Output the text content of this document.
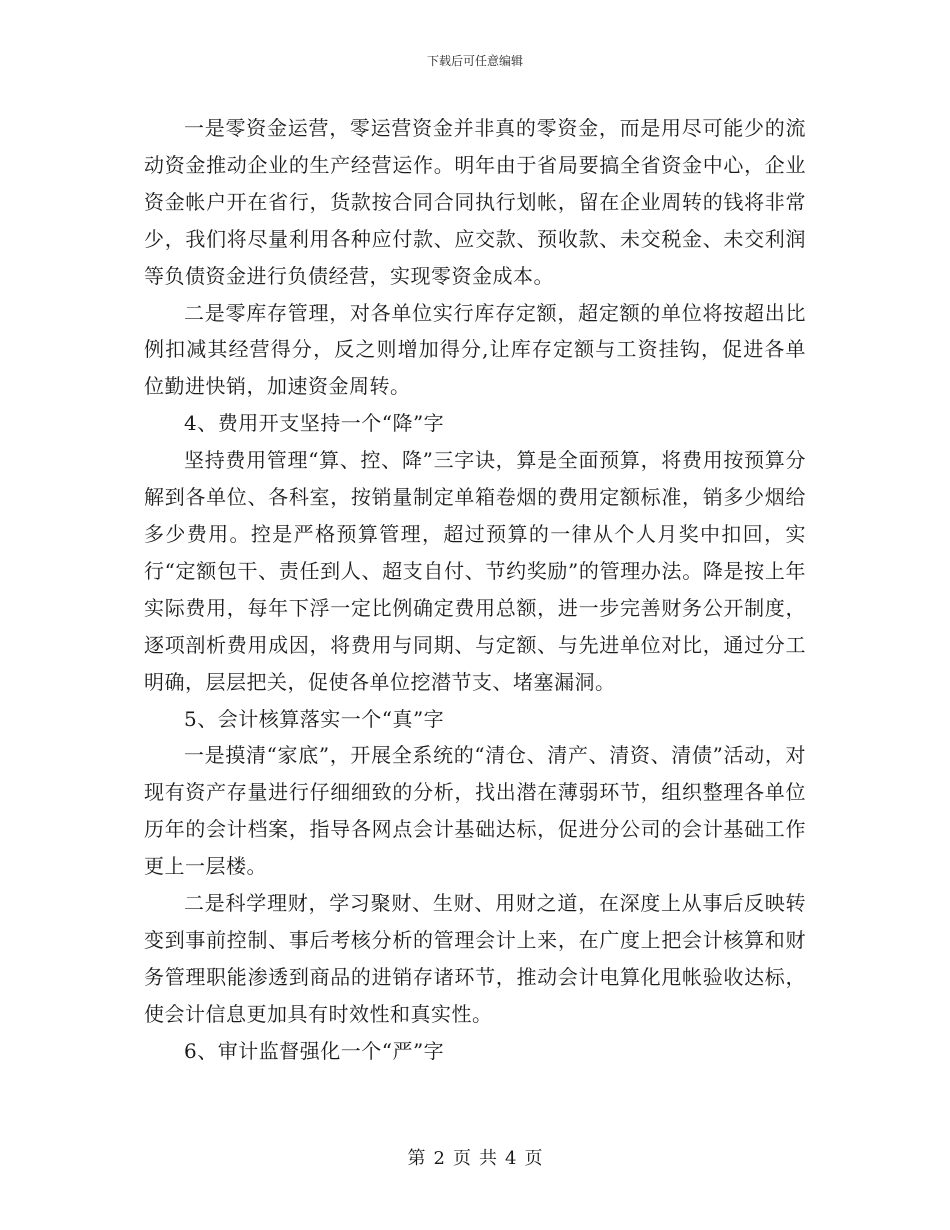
下载后可任意编辑

一是零资金运营，零运营资金并非真的零资金，而是用尽可能少的流动资金推动企业的生产经营运作。明年由于省局要搞全省资金中心，企业资金帐户开在省行，货款按合同合同执行划帐，留在企业周转的钱将非常少，我们将尽量利用各种应付款、应交款、预收款、未交税金、未交利润等负债资金进行负债经营，实现零资金成本。

二是零库存管理，对各单位实行库存定额，超定额的单位将按超出比例扣减其经营得分，反之则增加得分,让库存定额与工资挂钩，促进各单位勤进快销，加速资金周转。

4、费用开支坚持一个“降”字

坚持费用管理“算、控、降”三字诀，算是全面预算，将费用按预算分解到各单位、各科室，按销量制定单箱卷烟的费用定额标准，销多少烟给多少费用。控是严格预算管理，超过预算的一律从个人月奖中扣回，实行“定额包干、责任到人、超支自付、节约奖励”的管理办法。降是按上年实际费用，每年下浮一定比例确定费用总额，进一步完善财务公开制度，逐项剖析费用成因，将费用与同期、与定额、与先进单位对比，通过分工明确，层层把关，促使各单位挖潜节支、堵塞漏洞。

5、会计核算落实一个“真”字

一是摸清“家底”，开展全系统的“清仓、清产、清资、清债”活动，对现有资产存量进行仔细细致的分析，找出潜在薄弱环节，组织整理各单位历年的会计档案，指导各网点会计基础达标，促进分公司的会计基础工作更上一层楼。

二是科学理财，学习聚财、生财、用财之道，在深度上从事后反映转变到事前控制、事后考核分析的管理会计上来，在广度上把会计核算和财务管理职能渗透到商品的进销存诸环节，推动会计电算化甩帐验收达标，使会计信息更加具有时效性和真实性。

6、审计监督强化一个“严”字

第 2 页 共 4 页
